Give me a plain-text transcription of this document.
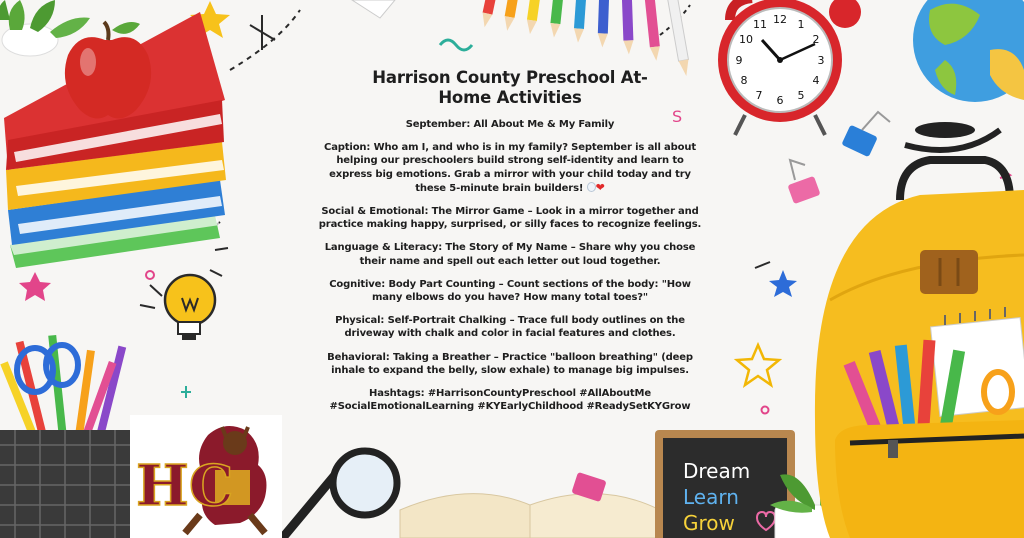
S
12 1
2
3
4
5
6
7
8
9
10
11
Dream
Learn
Grow
HC
Harrison County Preschool At-
Home Activities

September: All About Me & My Family

Caption: Who am I, and who is in my family? September is all about helping our preschoolers build strong self-identity and learn to express big emotions. Grab a mirror with your child today and try these 5-minute brain builders! ❤

Social & Emotional: The Mirror Game – Look in a mirror together and practice making happy, surprised, or silly faces to recognize feelings.

Language & Literacy: The Story of My Name – Share why you chose their name and spell out each letter out loud together.

Cognitive: Body Part Counting – Count sections of the body: "How many elbows do you have? How many total toes?"

Physical: Self-Portrait Chalking – Trace full body outlines on the driveway with chalk and color in facial features and clothes.

Behavioral: Taking a Breather – Practice "balloon breathing" (deep inhale to expand the belly, slow exhale) to manage big impulses.

Hashtags: #HarrisonCountyPreschool #AllAboutMe #SocialEmotionalLearning #KYEarlyChildhood #ReadySetKYGrow
